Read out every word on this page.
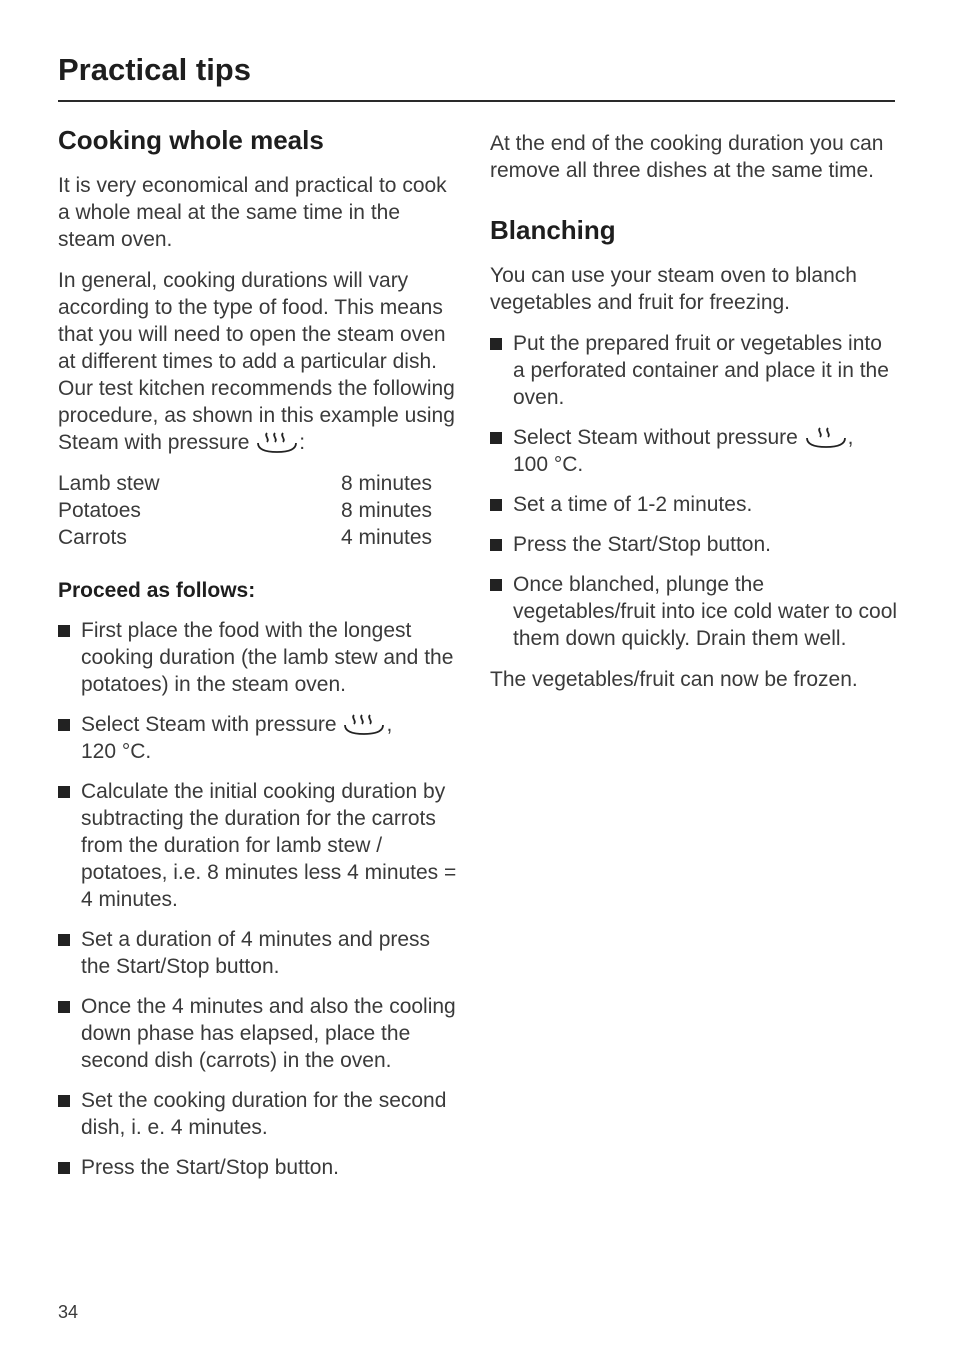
Practical tips
Cooking whole meals

It is very economical and practical to cook a whole meal at the same time in the steam oven.

In general, cooking durations will vary according to the type of food. This means that you will need to open the steam oven at different times to add a particular dish. Our test kitchen recommends the following procedure, as shown in this example using Steam with pressure :

Lamb stew	8 minutes
Potatoes	8 minutes
Carrots	4 minutes
Proceed as follows:
First place the food with the longest cooking duration (the lamb stew and the potatoes) in the steam oven.
Select Steam with pressure ,
120 °C.
Calculate the initial cooking duration by subtracting the duration for the carrots from the duration for lamb stew / potatoes, i.e. 8 minutes less 4 minutes = 4 minutes.
Set a duration of 4 minutes and press the Start/Stop button.
Once the 4 minutes and also the cooling down phase has elapsed, place the second dish (carrots) in the oven.
Set the cooking duration for the second dish, i. e. 4 minutes.
Press the Start/Stop button.

At the end of the cooking duration you can remove all three dishes at the same time.

Blanching

You can use your steam oven to blanch vegetables and fruit for freezing.

Put the prepared fruit or vegetables into a perforated container and place it in the oven.
Select Steam without pressure ,
100 °C.
Set a time of 1-2 minutes.
Press the Start/Stop button.
Once blanched, plunge the vegetables/fruit into ice cold water to cool them down quickly. Drain them well.

The vegetables/fruit can now be frozen.

34
